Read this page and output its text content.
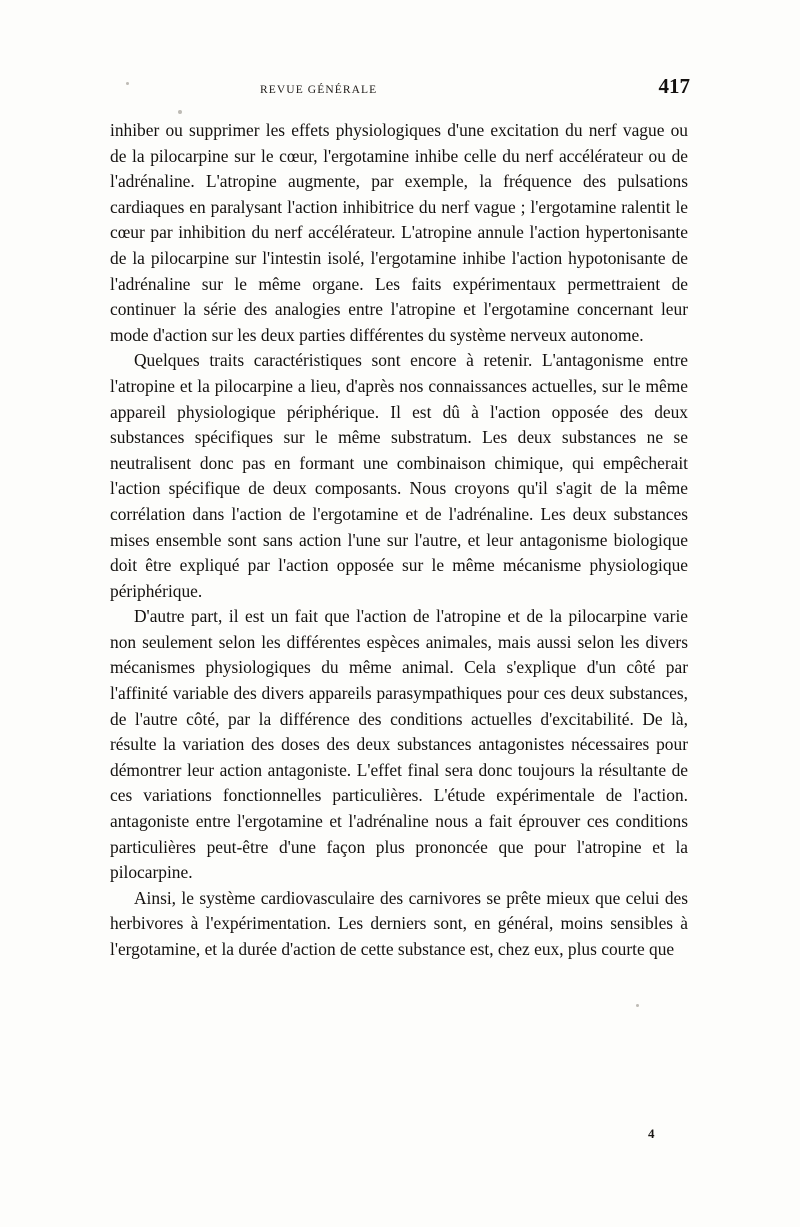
REVUE GÉNÉRALE	417

inhiber ou supprimer les effets physiologiques d'une excitation du nerf vague ou de la pilocarpine sur le cœur, l'ergotamine inhibe celle du nerf accélérateur ou de l'adrénaline. L'atropine augmente, par exemple, la fréquence des pulsations cardiaques en paralysant l'action inhibitrice du nerf vague ; l'ergotamine ralentit le cœur par inhibition du nerf accélérateur. L'atropine annule l'action hypertonisante de la pilocarpine sur l'intestin isolé, l'ergotamine inhibe l'action hypotonisante de l'adrénaline sur le même organe. Les faits expérimentaux permettraient de continuer la série des analogies entre l'atropine et l'ergotamine concernant leur mode d'action sur les deux parties différentes du système nerveux autonome.

Quelques traits caractéristiques sont encore à retenir. L'antagonisme entre l'atropine et la pilocarpine a lieu, d'après nos connaissances actuelles, sur le même appareil physiologique périphérique. Il est dû à l'action opposée des deux substances spécifiques sur le même substratum. Les deux substances ne se neutralisent donc pas en formant une combinaison chimique, qui empêcherait l'action spécifique de deux composants. Nous croyons qu'il s'agit de la même corrélation dans l'action de l'ergotamine et de l'adrénaline. Les deux substances mises ensemble sont sans action l'une sur l'autre, et leur antagonisme biologique doit être expliqué par l'action opposée sur le même mécanisme physiologique périphérique.

D'autre part, il est un fait que l'action de l'atropine et de la pilocarpine varie non seulement selon les différentes espèces animales, mais aussi selon les divers mécanismes physiologiques du même animal. Cela s'explique d'un côté par l'affinité variable des divers appareils parasympathiques pour ces deux substances, de l'autre côté, par la différence des conditions actuelles d'excitabilité. De là, résulte la variation des doses des deux substances antagonistes nécessaires pour démontrer leur action antagoniste. L'effet final sera donc toujours la résultante de ces variations fonctionnelles particulières. L'étude expérimentale de l'action. antagoniste entre l'ergotamine et l'adrénaline nous a fait éprouver ces conditions particulières peut-être d'une façon plus prononcée que pour l'atropine et la pilocarpine.

Ainsi, le système cardiovasculaire des carnivores se prête mieux que celui des herbivores à l'expérimentation. Les derniers sont, en général, moins sensibles à l'ergotamine, et la durée d'action de cette substance est, chez eux, plus courte que

4
